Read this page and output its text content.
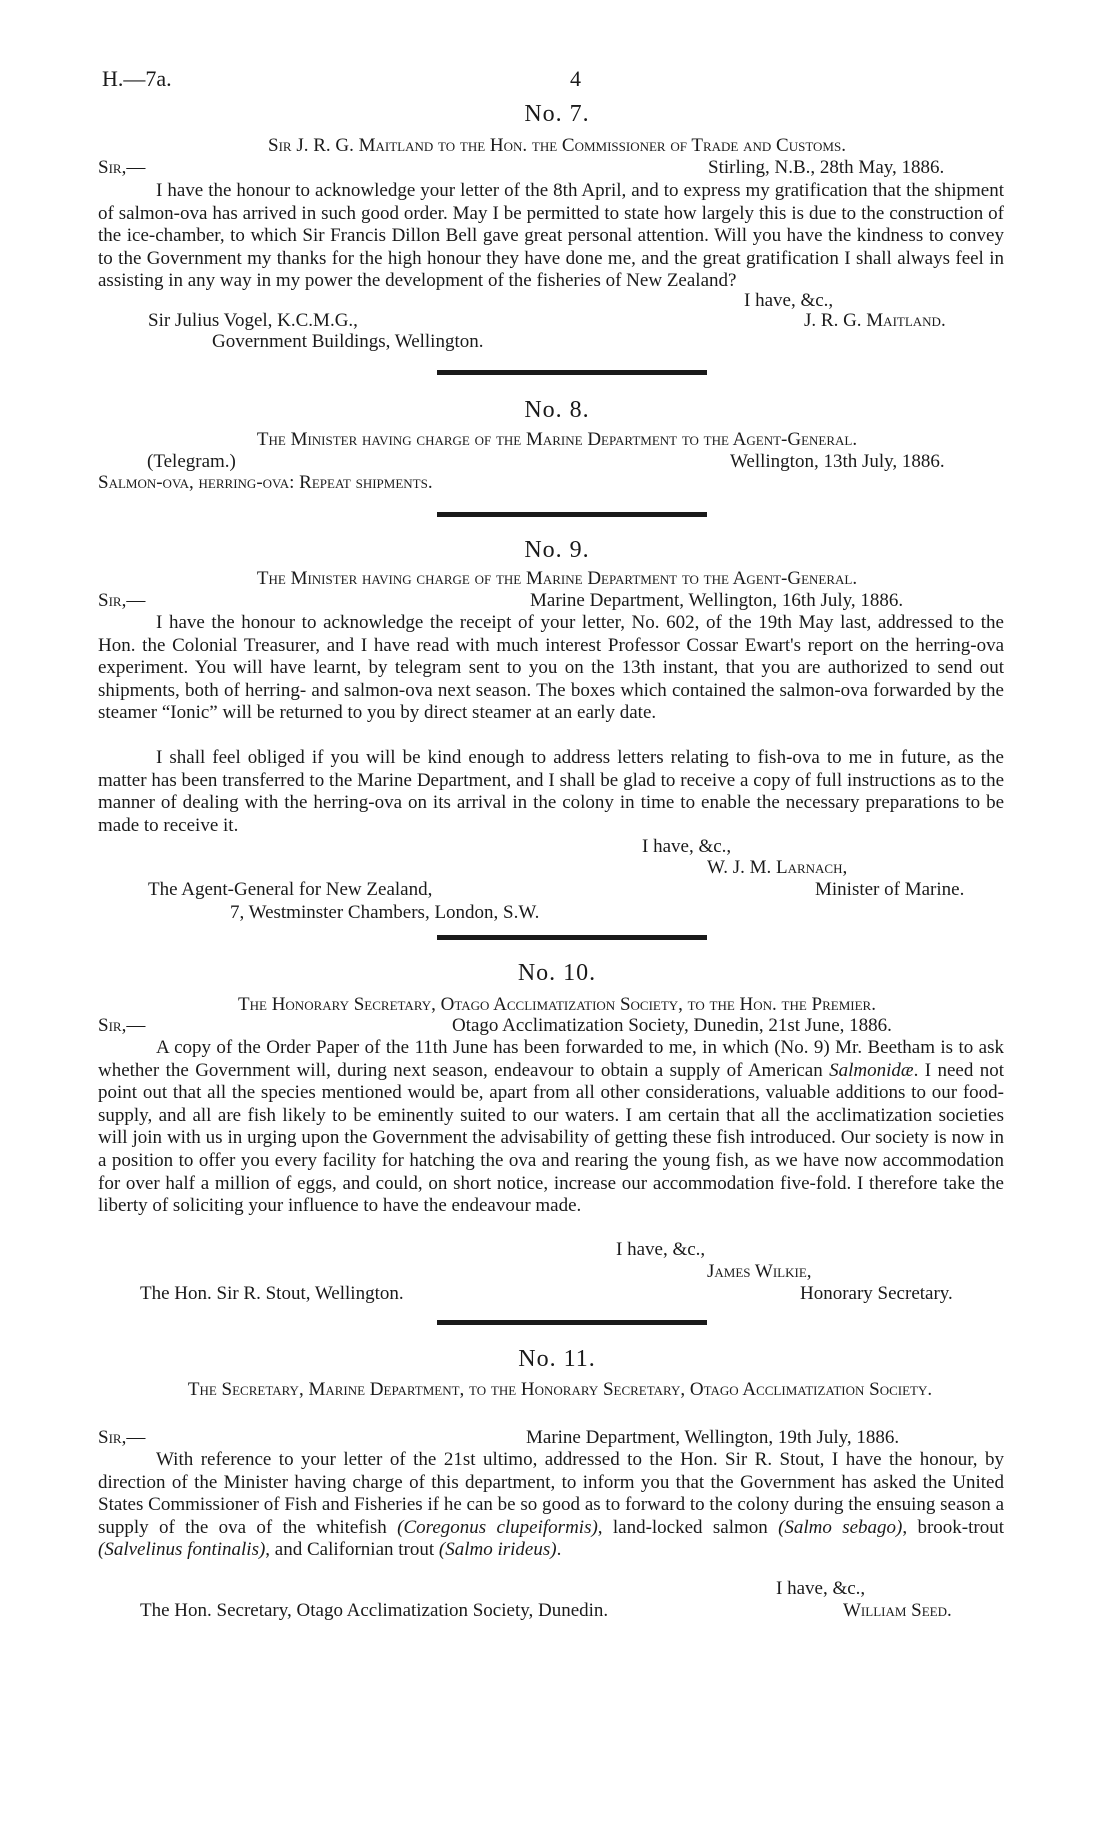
H.—7a.	4
No. 7.
Sir J. R. G. Maitland to the Hon. the Commissioner of Trade and Customs.
Sir,—	Stirling, N.B., 28th May, 1886.
I have the honour to acknowledge your letter of the 8th April, and to express my gratification that the shipment of salmon-ova has arrived in such good order. May I be permitted to state how largely this is due to the construction of the ice-chamber, to which Sir Francis Dillon Bell gave great personal attention. Will you have the kindness to convey to the Government my thanks for the high honour they have done me, and the great gratification I shall always feel in assisting in any way in my power the development of the fisheries of New Zealand?
I have, &c.,
Sir Julius Vogel, K.C.M.G.,	J. R. G. Maitland.
Government Buildings, Wellington.
No. 8.
The Minister having charge of the Marine Department to the Agent-General.
(Telegram.)	Wellington, 13th July, 1886.
Salmon-ova, herring-ova: Repeat shipments.
No. 9.
The Minister having charge of the Marine Department to the Agent-General.
Sir,—	Marine Department, Wellington, 16th July, 1886.
I have the honour to acknowledge the receipt of your letter, No. 602, of the 19th May last, addressed to the Hon. the Colonial Treasurer, and I have read with much interest Professor Cossar Ewart's report on the herring-ova experiment. You will have learnt, by telegram sent to you on the 13th instant, that you are authorized to send out shipments, both of herring- and salmon-ova next season. The boxes which contained the salmon-ova forwarded by the steamer “Ionic” will be returned to you by direct steamer at an early date.
I shall feel obliged if you will be kind enough to address letters relating to fish-ova to me in future, as the matter has been transferred to the Marine Department, and I shall be glad to receive a copy of full instructions as to the manner of dealing with the herring-ova on its arrival in the colony in time to enable the necessary preparations to be made to receive it.
I have, &c.,
W. J. M. Larnach,
The Agent-General for New Zealand,	Minister of Marine.
7, Westminster Chambers, London, S.W.
No. 10.
The Honorary Secretary, Otago Acclimatization Society, to the Hon. the Premier.
Sir,—	Otago Acclimatization Society, Dunedin, 21st June, 1886.
A copy of the Order Paper of the 11th June has been forwarded to me, in which (No. 9) Mr. Beetham is to ask whether the Government will, during next season, endeavour to obtain a supply of American Salmonidæ. I need not point out that all the species mentioned would be, apart from all other considerations, valuable additions to our food-supply, and all are fish likely to be eminently suited to our waters. I am certain that all the acclimatization societies will join with us in urging upon the Government the advisability of getting these fish introduced. Our society is now in a position to offer you every facility for hatching the ova and rearing the young fish, as we have now accommodation for over half a million of eggs, and could, on short notice, increase our accommodation five-fold. I therefore take the liberty of soliciting your influence to have the endeavour made.
I have, &c.,
James Wilkie,
The Hon. Sir R. Stout, Wellington.	Honorary Secretary.
No. 11.
The Secretary, Marine Department, to the Honorary Secretary, Otago Acclimatization Society.
Sir,—	Marine Department, Wellington, 19th July, 1886.
With reference to your letter of the 21st ultimo, addressed to the Hon. Sir R. Stout, I have the honour, by direction of the Minister having charge of this department, to inform you that the Government has asked the United States Commissioner of Fish and Fisheries if he can be so good as to forward to the colony during the ensuing season a supply of the ova of the whitefish (Coregonus clupeiformis), land-locked salmon (Salmo sebago), brook-trout (Salvelinus fontinalis), and Californian trout (Salmo irideus).
I have, &c.,
The Hon. Secretary, Otago Acclimatization Society, Dunedin.	William Seed.
